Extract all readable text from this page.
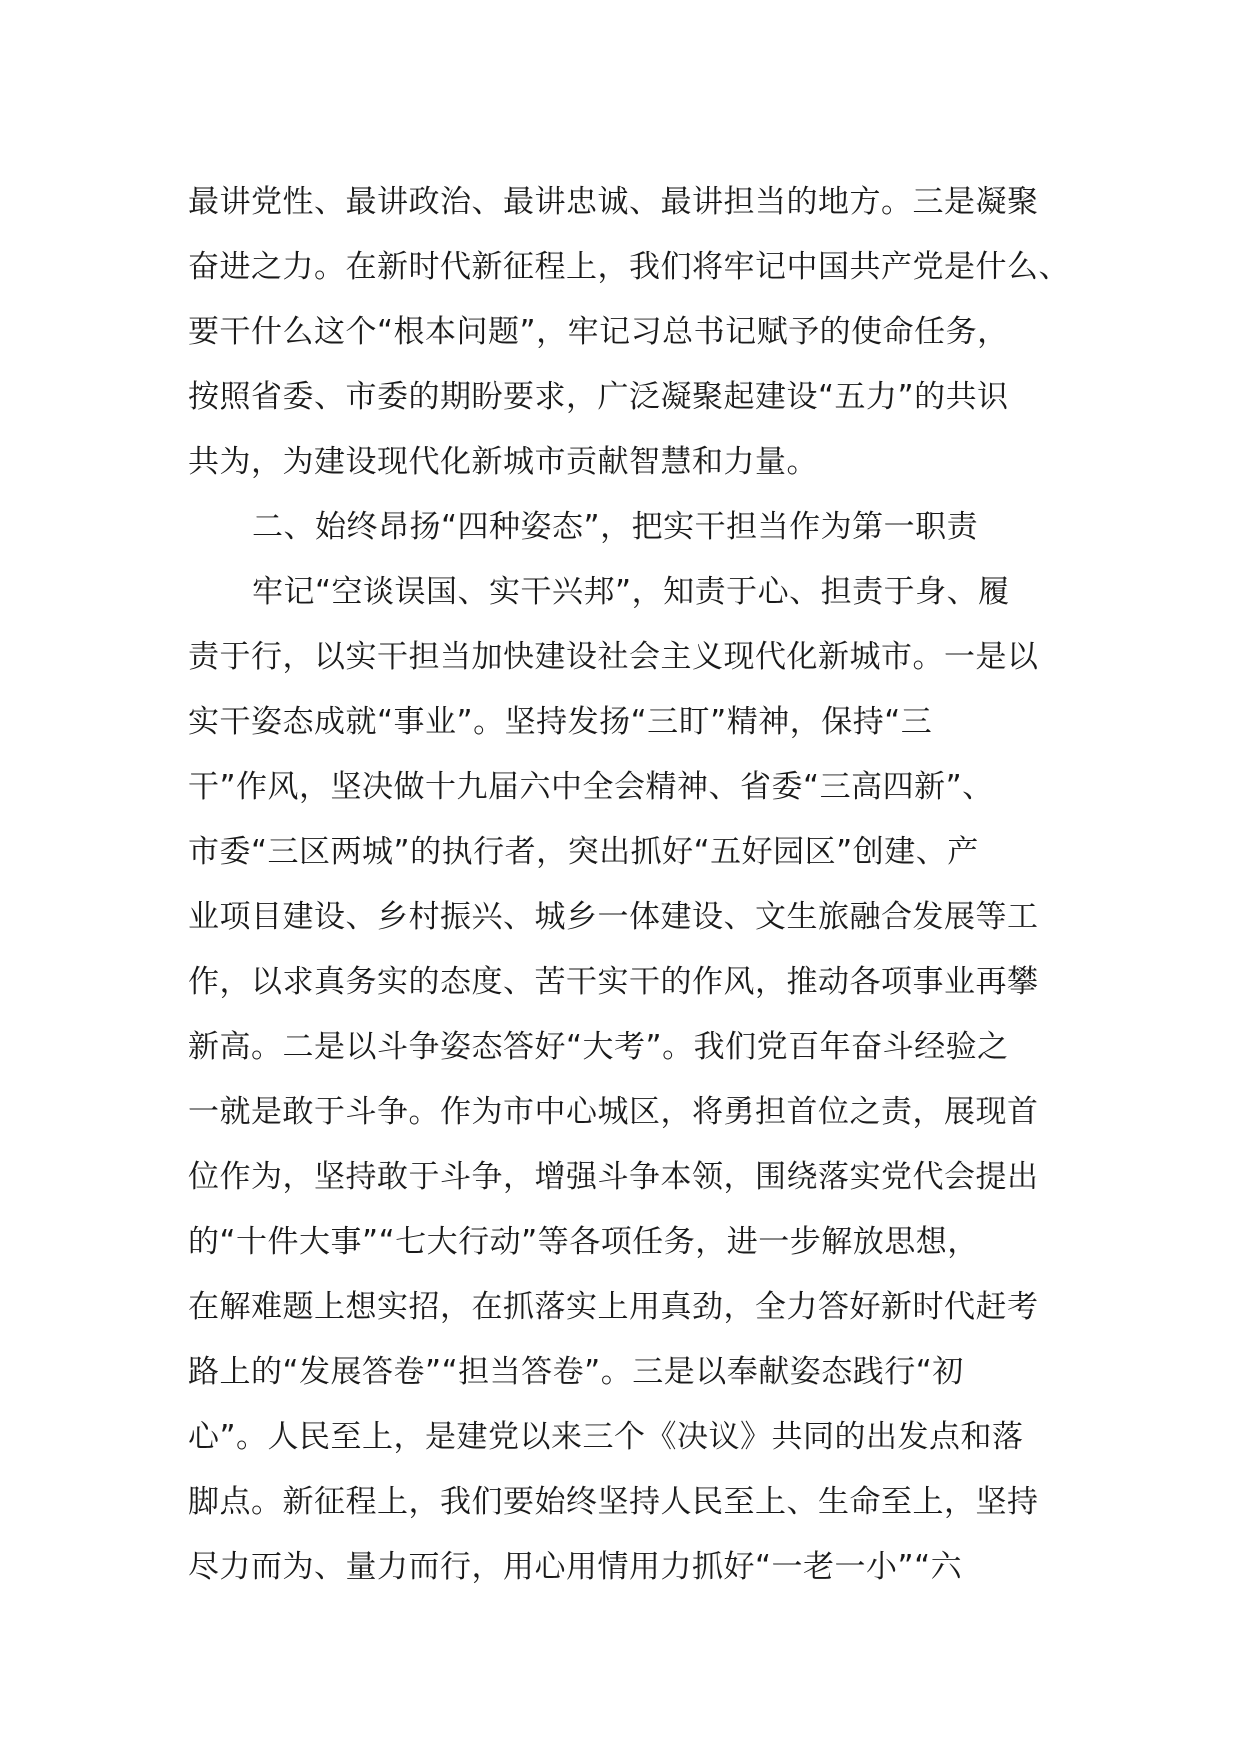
最讲党性、最讲政治、最讲忠诚、最讲担当的地方。三是凝聚
奋进之力。在新时代新征程上，我们将牢记中国共产党是什么、
要干什么这个“根本问题”，牢记习总书记赋予的使命任务，
按照省委、市委的期盼要求，广泛凝聚起建设“五力”的共识
共为，为建设现代化新城市贡献智慧和力量。
二、始终昂扬“四种姿态”，把实干担当作为第一职责
牢记“空谈误国、实干兴邦”，知责于心、担责于身、履
责于行，以实干担当加快建设社会主义现代化新城市。一是以
实干姿态成就“事业”。坚持发扬“三盯”精神，保持“三
干”作风，坚决做十九届六中全会精神、省委“三高四新”、
市委“三区两城”的执行者，突出抓好“五好园区”创建、产
业项目建设、乡村振兴、城乡一体建设、文生旅融合发展等工
作，以求真务实的态度、苦干实干的作风，推动各项事业再攀
新高。二是以斗争姿态答好“大考”。我们党百年奋斗经验之
一就是敢于斗争。作为市中心城区，将勇担首位之责，展现首
位作为，坚持敢于斗争，增强斗争本领，围绕落实党代会提出
的“十件大事”“七大行动”等各项任务，进一步解放思想，
在解难题上想实招，在抓落实上用真劲，全力答好新时代赶考
路上的“发展答卷”“担当答卷”。三是以奉献姿态践行“初
心”。人民至上，是建党以来三个《决议》共同的出发点和落
脚点。新征程上，我们要始终坚持人民至上、生命至上，坚持
尽力而为、量力而行，用心用情用力抓好“一老一小”“六
